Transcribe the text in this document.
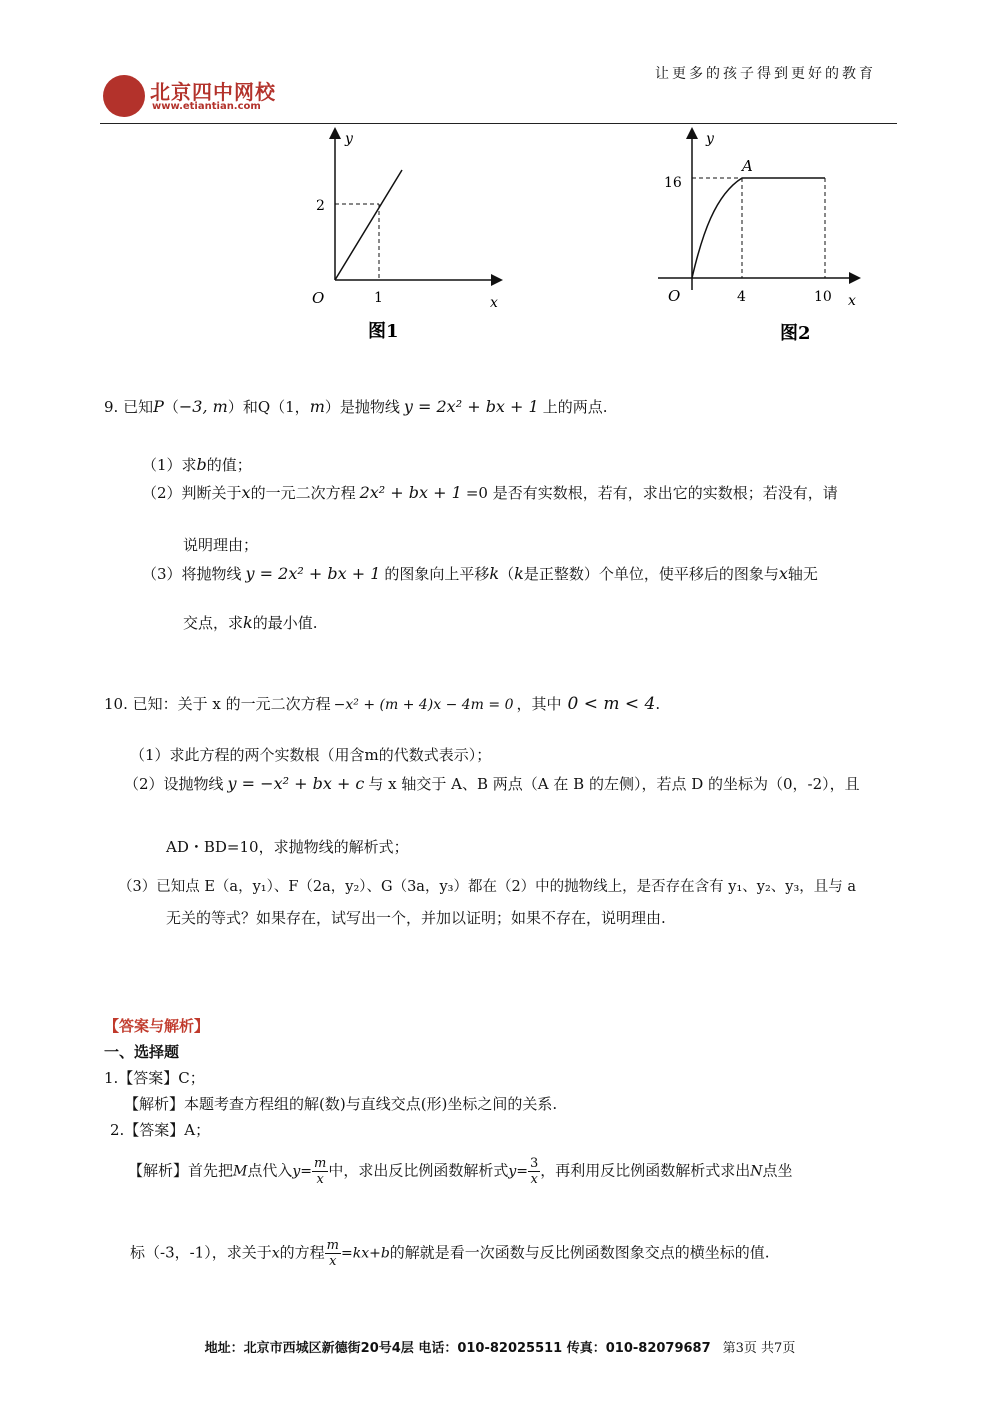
北京四中网校
www.etiantian.com
让更多的孩子得到更好的教育
y
x
O	1
2
图1
y
x
O	4	10
16
A
图2
9. 已知P（−3, m）和Q（1，m）是抛物线 y = 2x² + bx + 1 上的两点.
（1）求b的值；
（2）判断关于x的一元二次方程 2x² + bx + 1 =0 是否有实数根，若有，求出它的实数根；若没有，请
说明理由；
（3）将抛物线 y = 2x² + bx + 1 的图象向上平移k（k是正整数）个单位，使平移后的图象与x轴无
交点，求k的最小值.
10. 已知：关于 x 的一元二次方程 −x² + (m + 4)x − 4m = 0 ，其中 0 < m < 4.
（1）求此方程的两个实数根（用含m的代数式表示）；
（2）设抛物线 y = −x² + bx + c 与 x 轴交于 A、B 两点（A 在 B 的左侧），若点 D 的坐标为（0，-2），且
AD・BD=10，求抛物线的解析式；
（3）已知点 E（a，y₁）、F（2a，y₂）、G（3a，y₃）都在（2）中的抛物线上，是否存在含有 y₁、y₂、y₃，且与 a
无关的等式？如果存在，试写出一个，并加以证明；如果不存在，说明理由.
【答案与解析】
一、选择题
1.【答案】C；
【解析】本题考查方程组的解(数)与直线交点(形)坐标之间的关系.
2.【答案】A；
【解析】首先把M点代入$y= \frac{m}{x}$ 中，求出反比例函数解析式$y= \frac{3}{x}$ ，再利用反比例函数解析式求出N点坐
标（-3，-1），求关于x的方程 $\frac{m}{x} =kx+b$的解就是看一次函数与反比例函数图象交点的横坐标的值.
地址：北京市西城区新德街20号4层 电话：010-82025511 传真：010-82079687 第3页 共7页
